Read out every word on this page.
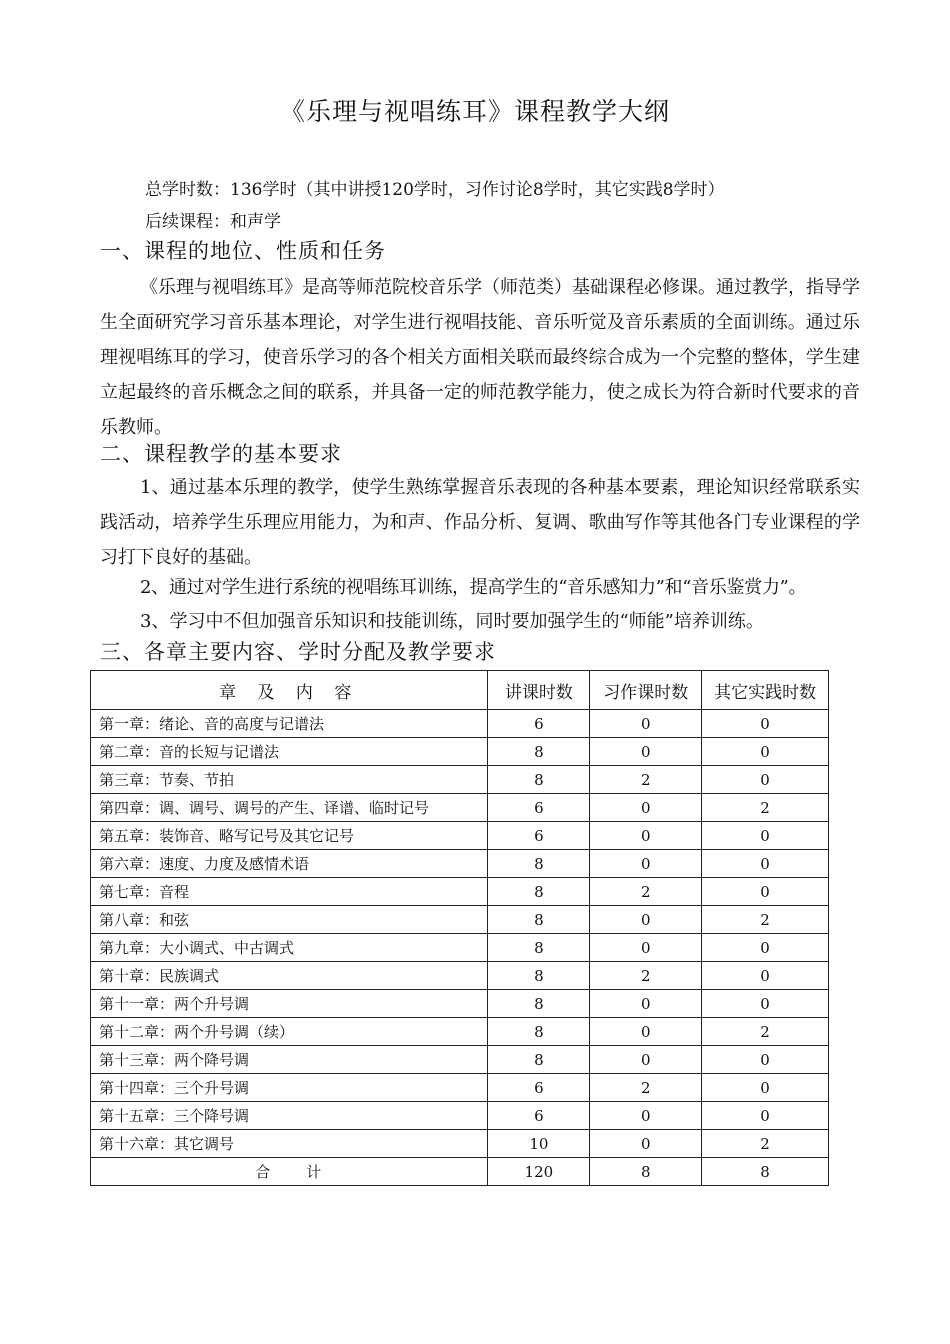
《乐理与视唱练耳》课程教学大纲
总学时数：136学时（其中讲授120学时，习作讨论8学时，其它实践8学时）
后续课程：和声学
一、课程的地位、性质和任务
《乐理与视唱练耳》是高等师范院校音乐学（师范类）基础课程必修课。通过教学，指导学生全面研究学习音乐基本理论，对学生进行视唱技能、音乐听觉及音乐素质的全面训练。通过乐理视唱练耳的学习，使音乐学习的各个相关方面相关联而最终综合成为一个完整的整体，学生建立起最终的音乐概念之间的联系，并具备一定的师范教学能力，使之成长为符合新时代要求的音乐教师。
二、课程教学的基本要求
1、通过基本乐理的教学，使学生熟练掌握音乐表现的各种基本要素，理论知识经常联系实践活动，培养学生乐理应用能力，为和声、作品分析、复调、歌曲写作等其他各门专业课程的学习打下良好的基础。
2、通过对学生进行系统的视唱练耳训练，提高学生的“音乐感知力”和“音乐鉴赏力”。
3、学习中不但加强音乐知识和技能训练，同时要加强学生的“师能”培养训练。
三、各章主要内容、学时分配及教学要求
章 及 内 容	讲课时数	习作课时数	其它实践时数
第一章：绪论、音的高度与记谱法	6	0	0
第二章：音的长短与记谱法	8	0	0
第三章：节奏、节拍	8	2	0
第四章：调、调号、调号的产生、译谱、临时记号	6	0	2
第五章：装饰音、略写记号及其它记号	6	0	0
第六章：速度、力度及感情术语	8	0	0
第七章：音程	8	2	0
第八章：和弦	8	0	2
第九章：大小调式、中古调式	8	0	0
第十章：民族调式	8	2	0
第十一章：两个升号调	8	0	0
第十二章：两个升号调（续）	8	0	2
第十三章：两个降号调	8	0	0
第十四章：三个升号调	6	2	0
第十五章：三个降号调	6	0	0
第十六章：其它调号	10	0	2
合　　计	120	8	8
